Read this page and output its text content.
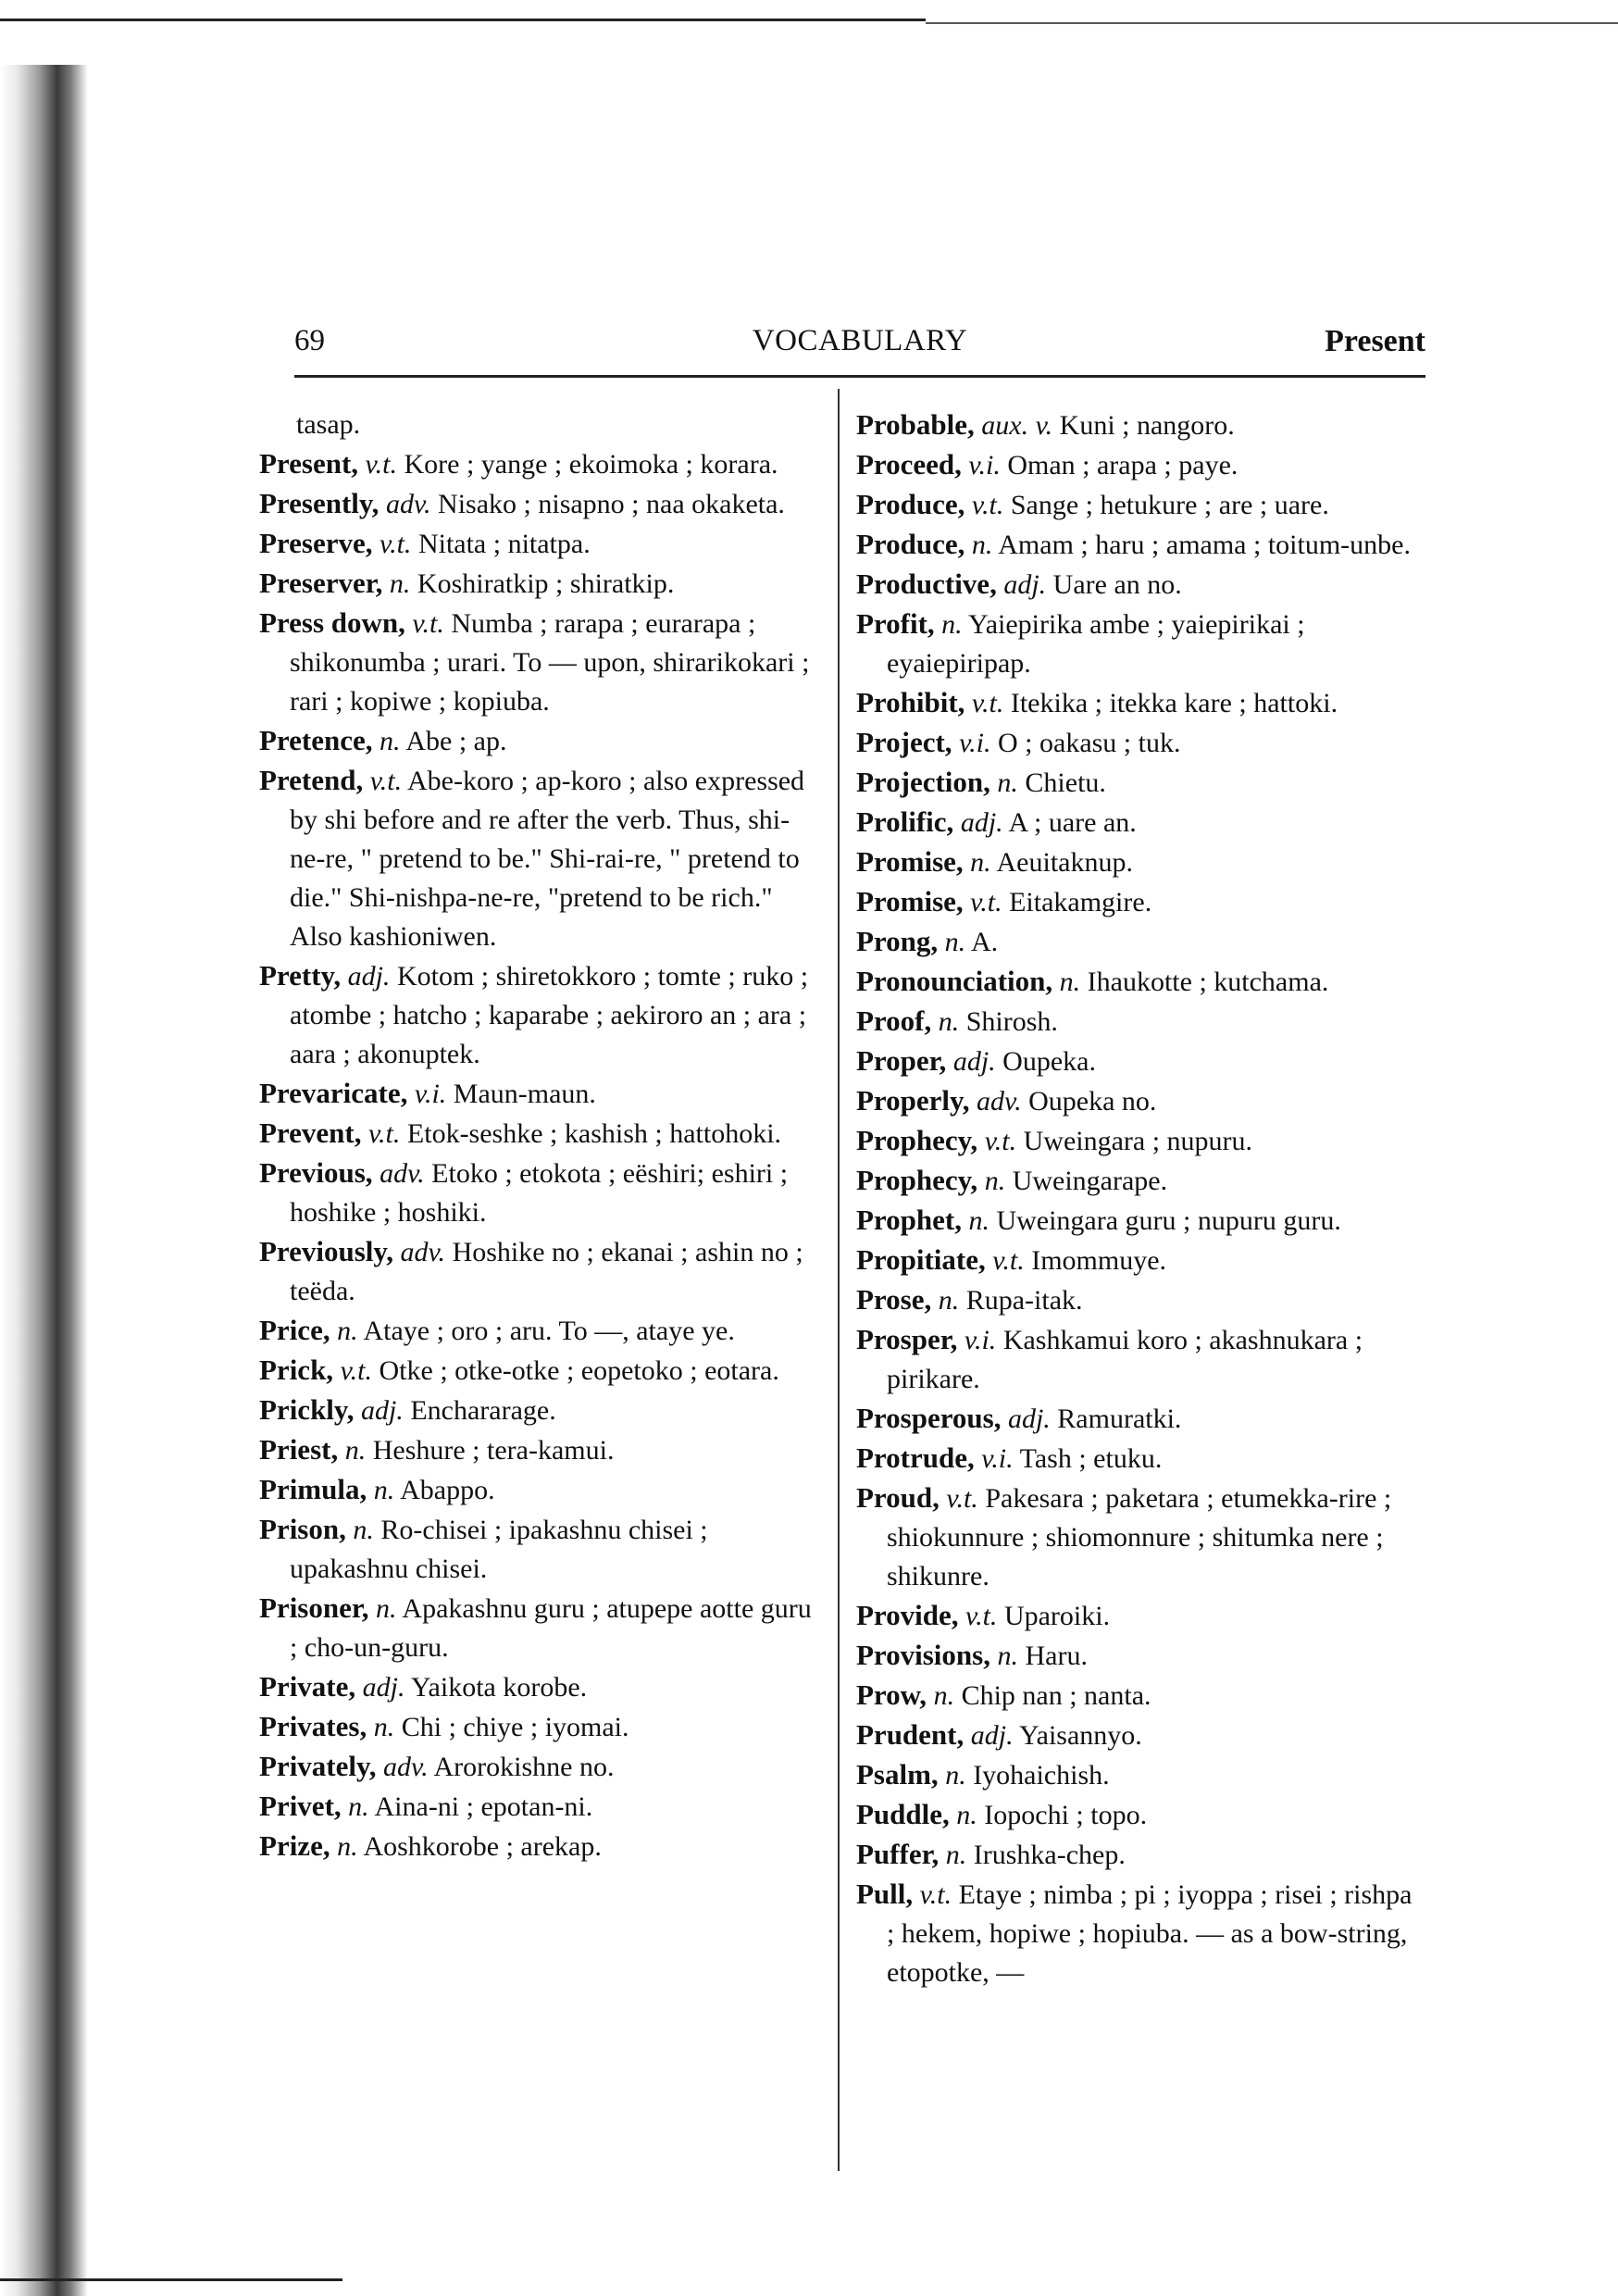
69	VOCABULARY	Present
tasap.
Present, v.t. Kore ; yange ; ekoimoka ; korara.
Presently, adv. Nisako ; nisapno ; naa okaketa.
Preserve, v.t. Nitata ; nitatpa.
Preserver, n. Koshiratkip ; shiratkip.
Press down, v.t. Numba ; rarapa ; eurarapa ; shikonumba ; urari. To — upon, shirarikokari ; rari ; kopiwe ; kopiuba.
Pretence, n. Abe ; ap.
Pretend, v.t. Abe-koro ; ap-koro ; also expressed by shi before and re after the verb. Thus, shi-ne-re, " pretend to be." Shi-rai-re, " pretend to die." Shi-nishpa-ne-re, "pretend to be rich." Also kashioniwen.
Pretty, adj. Kotom ; shiretokkoro ; tomte ; ruko ; atombe ; hatcho ; kaparabe ; aekiroro an ; ara ; aara ; akonuptek.
Prevaricate, v.i. Maun-maun.
Prevent, v.t. Etok-seshke ; kashish ; hattohoki.
Previous, adv. Etoko ; etokota ; eëshiri; eshiri ; hoshike ; hoshiki.
Previously, adv. Hoshike no ; ekanai ; ashin no ; teëda.
Price, n. Ataye ; oro ; aru. To —, ataye ye.
Prick, v.t. Otke ; otke-otke ; eopetoko ; eotara.
Prickly, adj. Enchararage.
Priest, n. Heshure ; tera-kamui.
Primula, n. Abappo.
Prison, n. Ro-chisei ; ipakashnu chisei ; upakashnu chisei.
Prisoner, n. Apakashnu guru ; atupepe aotte guru ; cho-un-guru.
Private, adj. Yaikota korobe.
Privates, n. Chi ; chiye ; iyomai.
Privately, adv. Arorokishne no.
Privet, n. Aina-ni ; epotan-ni.
Prize, n. Aoshkorobe ; arekap.
Probable, aux. v. Kuni ; nangoro.
Proceed, v.i. Oman ; arapa ; paye.
Produce, v.t. Sange ; hetukure ; are ; uare.
Produce, n. Amam ; haru ; amama ; toitum-unbe.
Productive, adj. Uare an no.
Profit, n. Yaiepirika ambe ; yaiepirikai ; eyaiepiripap.
Prohibit, v.t. Itekika ; itekka kare ; hattoki.
Project, v.i. O ; oakasu ; tuk.
Projection, n. Chietu.
Prolific, adj. A ; uare an.
Promise, n. Aeuitaknup.
Promise, v.t. Eitakamgire.
Prong, n. A.
Pronounciation, n. Ihaukotte ; kutchama.
Proof, n. Shirosh.
Proper, adj. Oupeka.
Properly, adv. Oupeka no.
Prophecy, v.t. Uweingara ; nupuru.
Prophecy, n. Uweingarape.
Prophet, n. Uweingara guru ; nupuru guru.
Propitiate, v.t. Imommuye.
Prose, n. Rupa-itak.
Prosper, v.i. Kashkamui koro ; akashnukara ; pirikare.
Prosperous, adj. Ramuratki.
Protrude, v.i. Tash ; etuku.
Proud, v.t. Pakesara ; paketara ; etumekka-rire ; shiokunnure ; shiomonnure ; shitumka nere ; shikunre.
Provide, v.t. Uparoiki.
Provisions, n. Haru.
Prow, n. Chip nan ; nanta.
Prudent, adj. Yaisannyo.
Psalm, n. Iyohaichish.
Puddle, n. Iopochi ; topo.
Puffer, n. Irushka-chep.
Pull, v.t. Etaye ; nimba ; pi ; iyoppa ; risei ; rishpa ; hekem, hopiwe ; hopiuba. — as a bow-string, etopotke, —
